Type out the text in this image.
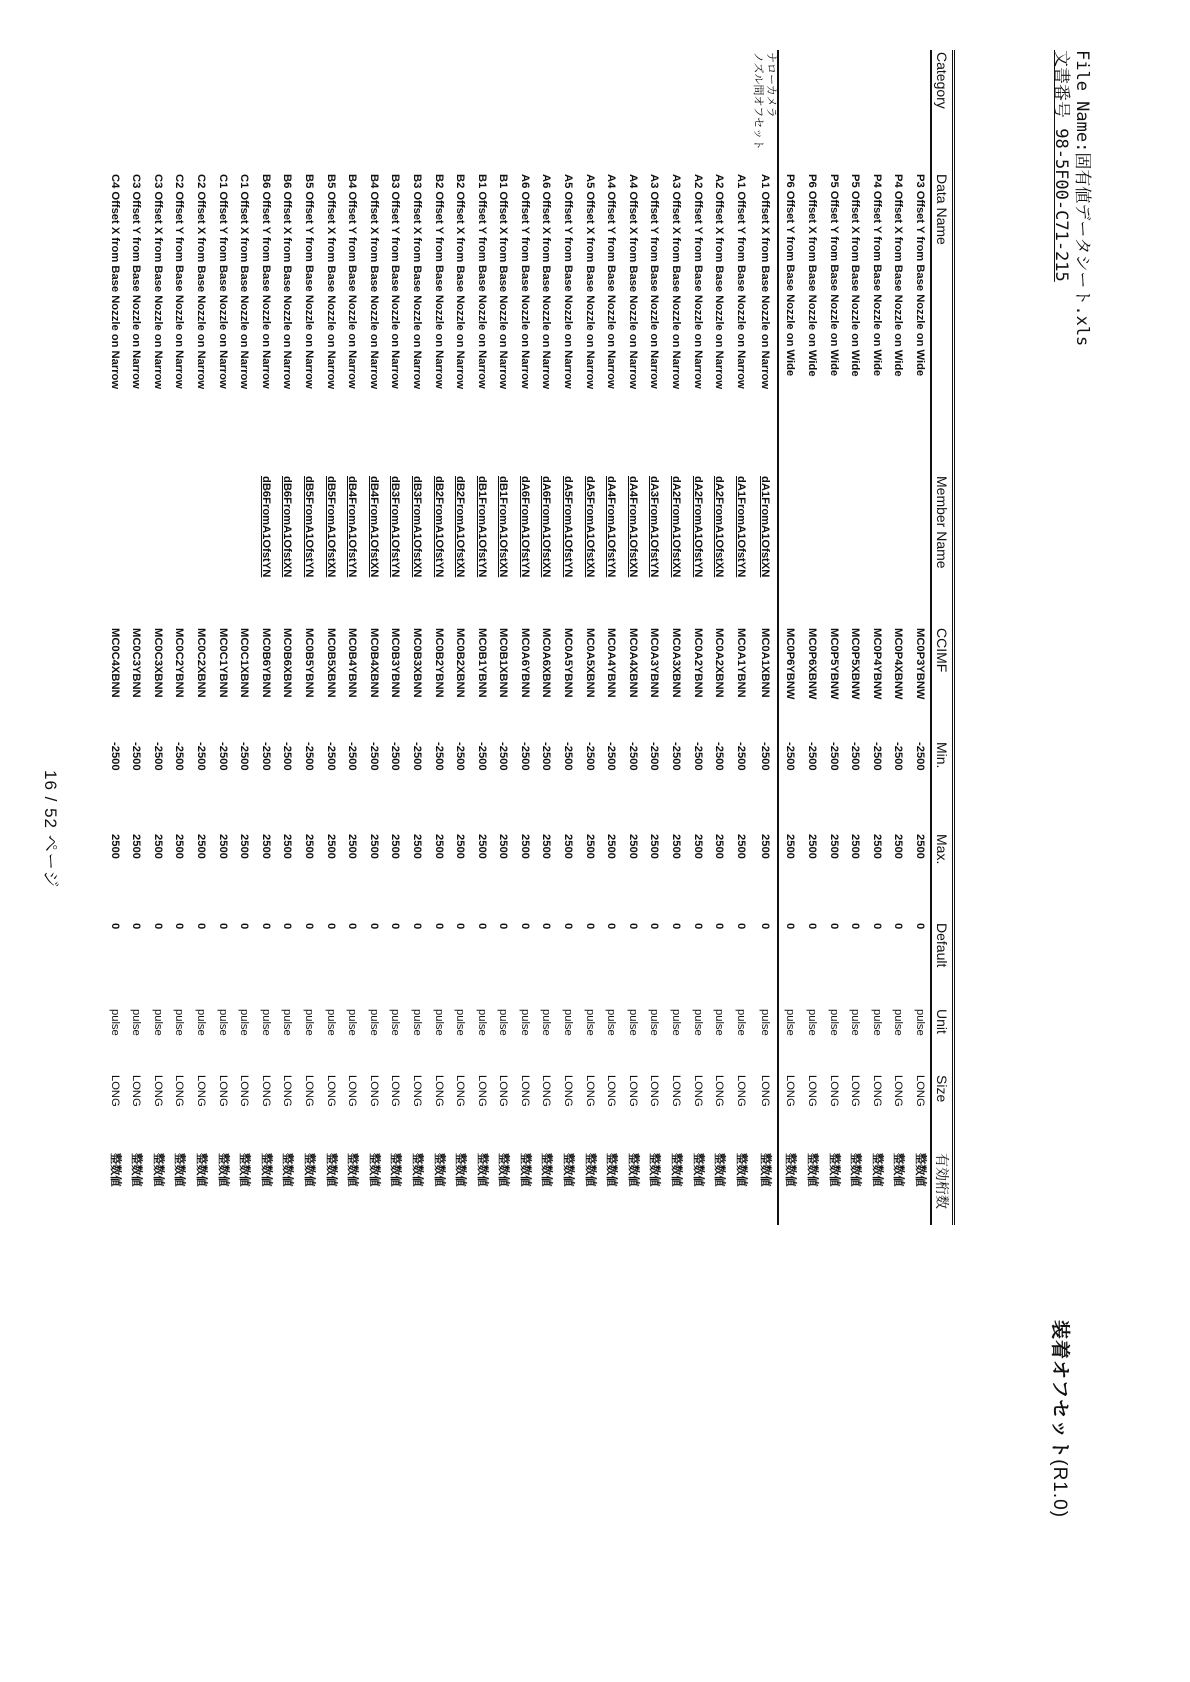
File Name:固有値データシート.xls
文書番号 98-5F00-C71-215
装着オフセット(R1.0)
Category	Data Name	Member Name	CCIMF	Min.	Max.	Default	Unit	Size	有効桁数
	P3 Offset Y from Base Nozzle on Wide		MC0P3YBNW	-2500	2500	0	pulse	LONG	整数値
	P4 Offset X from Base Nozzle on Wide		MC0P4XBNW	-2500	2500	0	pulse	LONG	整数値
	P4 Offset Y from Base Nozzle on Wide		MC0P4YBNW	-2500	2500	0	pulse	LONG	整数値
	P5 Offset X from Base Nozzle on Wide		MC0P5XBNW	-2500	2500	0	pulse	LONG	整数値
	P5 Offset Y from Base Nozzle on Wide		MC0P5YBNW	-2500	2500	0	pulse	LONG	整数値
	P6 Offset X from Base Nozzle on Wide		MC0P6XBNW	-2500	2500	0	pulse	LONG	整数値
	P6 Offset Y from Base Nozzle on Wide		MC0P6YBNW	-2500	2500	0	pulse	LONG	整数値

ナローカメラ
ノズル間オフセット	A1 Offset X from Base Nozzle on Narrow	dA1FromA1OfstXN	MC0A1XBNN	-2500	2500	0	pulse	LONG	整数値
	A1 Offset Y from Base Nozzle on Narrow	dA1FromA1OfstYN	MC0A1YBNN	-2500	2500	0	pulse	LONG	整数値
	A2 Offset X from Base Nozzle on Narrow	dA2FromA1OfstXN	MC0A2XBNN	-2500	2500	0	pulse	LONG	整数値
	A2 Offset Y from Base Nozzle on Narrow	dA2FromA1OfstYN	MC0A2YBNN	-2500	2500	0	pulse	LONG	整数値
	A3 Offset X from Base Nozzle on Narrow	dA2FromA1OfstXN	MC0A3XBNN	-2500	2500	0	pulse	LONG	整数値
	A3 Offset Y from Base Nozzle on Narrow	dA3FromA1OfstYN	MC0A3YBNN	-2500	2500	0	pulse	LONG	整数値
	A4 Offset X from Base Nozzle on Narrow	dA4FromA1OfstXN	MC0A4XBNN	-2500	2500	0	pulse	LONG	整数値
	A4 Offset Y from Base Nozzle on Narrow	dA4FromA1OfstYN	MC0A4YBNN	-2500	2500	0	pulse	LONG	整数値
	A5 Offset X from Base Nozzle on Narrow	dA5FromA1OfstXN	MC0A5XBNN	-2500	2500	0	pulse	LONG	整数値
	A5 Offset Y from Base Nozzle on Narrow	dA5FromA1OfstYN	MC0A5YBNN	-2500	2500	0	pulse	LONG	整数値
	A6 Offset X from Base Nozzle on Narrow	dA6FromA1OfstXN	MC0A6XBNN	-2500	2500	0	pulse	LONG	整数値
	A6 Offset Y from Base Nozzle on Narrow	dA6FromA1OfstYN	MC0A6YBNN	-2500	2500	0	pulse	LONG	整数値
	B1 Offset X from Base Nozzle on Narrow	dB1FromA1OfstXN	MC0B1XBNN	-2500	2500	0	pulse	LONG	整数値
	B1 Offset Y from Base Nozzle on Narrow	dB1FromA1OfstYN	MC0B1YBNN	-2500	2500	0	pulse	LONG	整数値
	B2 Offset X from Base Nozzle on Narrow	dB2FromA1OfstXN	MC0B2XBNN	-2500	2500	0	pulse	LONG	整数値
	B2 Offset Y from Base Nozzle on Narrow	dB2FromA1OfstYN	MC0B2YBNN	-2500	2500	0	pulse	LONG	整数値
	B3 Offset X from Base Nozzle on Narrow	dB3FromA1OfstXN	MC0B3XBNN	-2500	2500	0	pulse	LONG	整数値
	B3 Offset Y from Base Nozzle on Narrow	dB3FromA1OfstYN	MC0B3YBNN	-2500	2500	0	pulse	LONG	整数値
	B4 Offset X from Base Nozzle on Narrow	dB4FromA1OfstXN	MC0B4XBNN	-2500	2500	0	pulse	LONG	整数値
	B4 Offset Y from Base Nozzle on Narrow	dB4FromA1OfstYN	MC0B4YBNN	-2500	2500	0	pulse	LONG	整数値
	B5 Offset X from Base Nozzle on Narrow	dB5FromA1OfstXN	MC0B5XBNN	-2500	2500	0	pulse	LONG	整数値
	B5 Offset Y from Base Nozzle on Narrow	dB5FromA1OfstYN	MC0B5YBNN	-2500	2500	0	pulse	LONG	整数値
	B6 Offset X from Base Nozzle on Narrow	dB6FromA1OfstXN	MC0B6XBNN	-2500	2500	0	pulse	LONG	整数値
	B6 Offset Y from Base Nozzle on Narrow	dB6FromA1OfstYN	MC0B6YBNN	-2500	2500	0	pulse	LONG	整数値
	C1 Offset X from Base Nozzle on Narrow		MC0C1XBNN	-2500	2500	0	pulse	LONG	整数値
	C1 Offset Y from Base Nozzle on Narrow		MC0C1YBNN	-2500	2500	0	pulse	LONG	整数値
	C2 Offset X from Base Nozzle on Narrow		MC0C2XBNN	-2500	2500	0	pulse	LONG	整数値
	C2 Offset Y from Base Nozzle on Narrow		MC0C2YBNN	-2500	2500	0	pulse	LONG	整数値
	C3 Offset X from Base Nozzle on Narrow		MC0C3XBNN	-2500	2500	0	pulse	LONG	整数値
	C3 Offset Y from Base Nozzle on Narrow		MC0C3YBNN	-2500	2500	0	pulse	LONG	整数値
	C4 Offset X from Base Nozzle on Narrow		MC0C4XBNN	-2500	2500	0	pulse	LONG	整数値
16 / 52 ページ
